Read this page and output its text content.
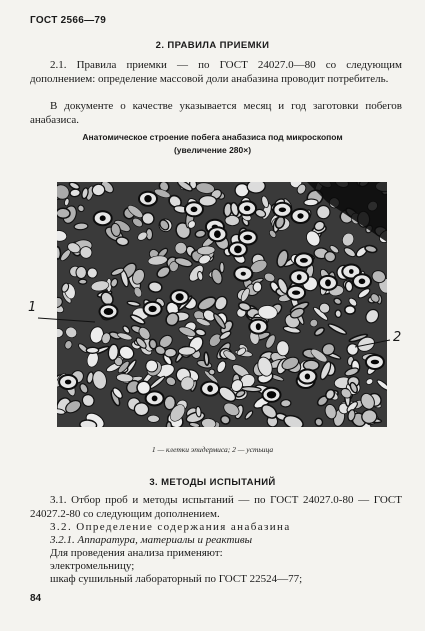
ГОСТ 2566—79
2. ПРАВИЛА ПРИЕМКИ

2.1. Правила приемки — по ГОСТ 24027.0—80 со следующим дополнением: определение массовой доли анабазина проводит потребитель.

В документе о качестве указывается месяц и год заготовки побегов анабазиса.

Анатомическое строение побега анабазиса под микроскопом
(увеличение 280×)
1
2
1 — клетки эпидермиса; 2 — устьица
3. МЕТОДЫ ИСПЫТАНИЙ

3.1. Отбор проб и методы испытаний — по ГОСТ 24027.0-80 — ГОСТ 24027.2-80 со следующим дополнением.

3.2. Определение содержания анабазина
3.2.1. Аппаратура, материалы и реактивы
Для проведения анализа применяют:
электромельницу;
шкаф сушильный лабораторный по ГОСТ 22524—77;
84
